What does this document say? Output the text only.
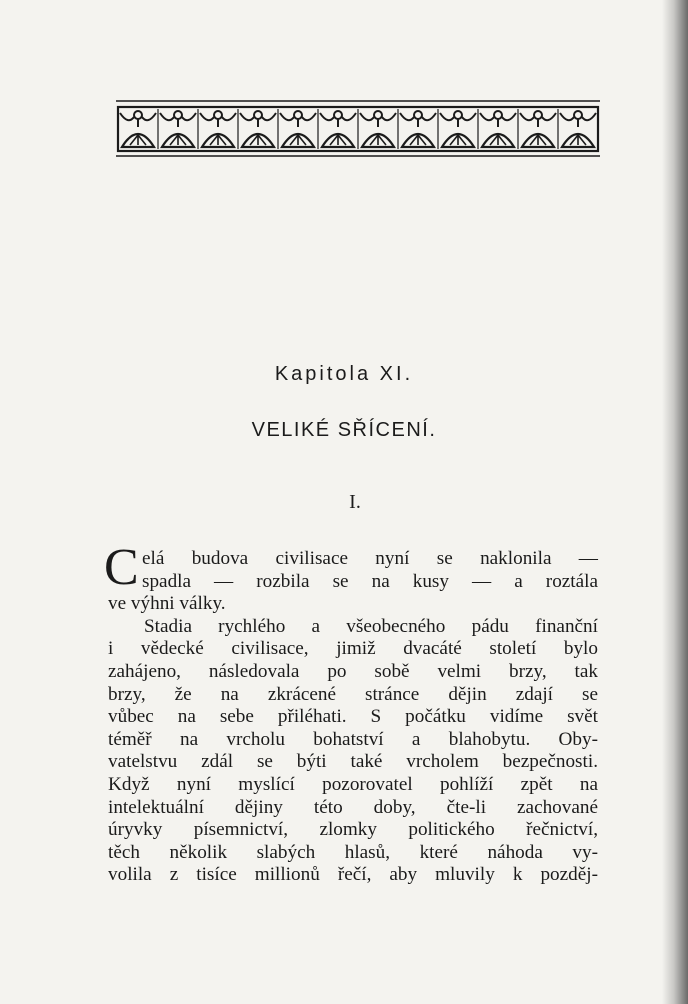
Kapitola XI.
VELIKÉ SŘÍCENÍ.
I.
C elá budova civilisace nyní se naklonila —
spadla — rozbila se na kusy — a roztála
ve výhni války.
Stadia rychlého a všeobecného pádu finanční
i vědecké civilisace, jimiž dvacáté století bylo
zahájeno, následovala po sobě velmi brzy, tak
brzy, že na zkrácené stránce dějin zdají se
vůbec na sebe přiléhati. S počátku vidíme svět
téměř na vrcholu bohatství a blahobytu. Oby-
vatelstvu zdál se býti také vrcholem bezpečnosti.
Když nyní myslící pozorovatel pohlíží zpět na
intelektuální dějiny této doby, čte-li zachované
úryvky písemnictví, zlomky politického řečnictví,
těch několik slabých hlasů, které náhoda vy-
volila z tisíce millionů řečí, aby mluvily k pozděj-
